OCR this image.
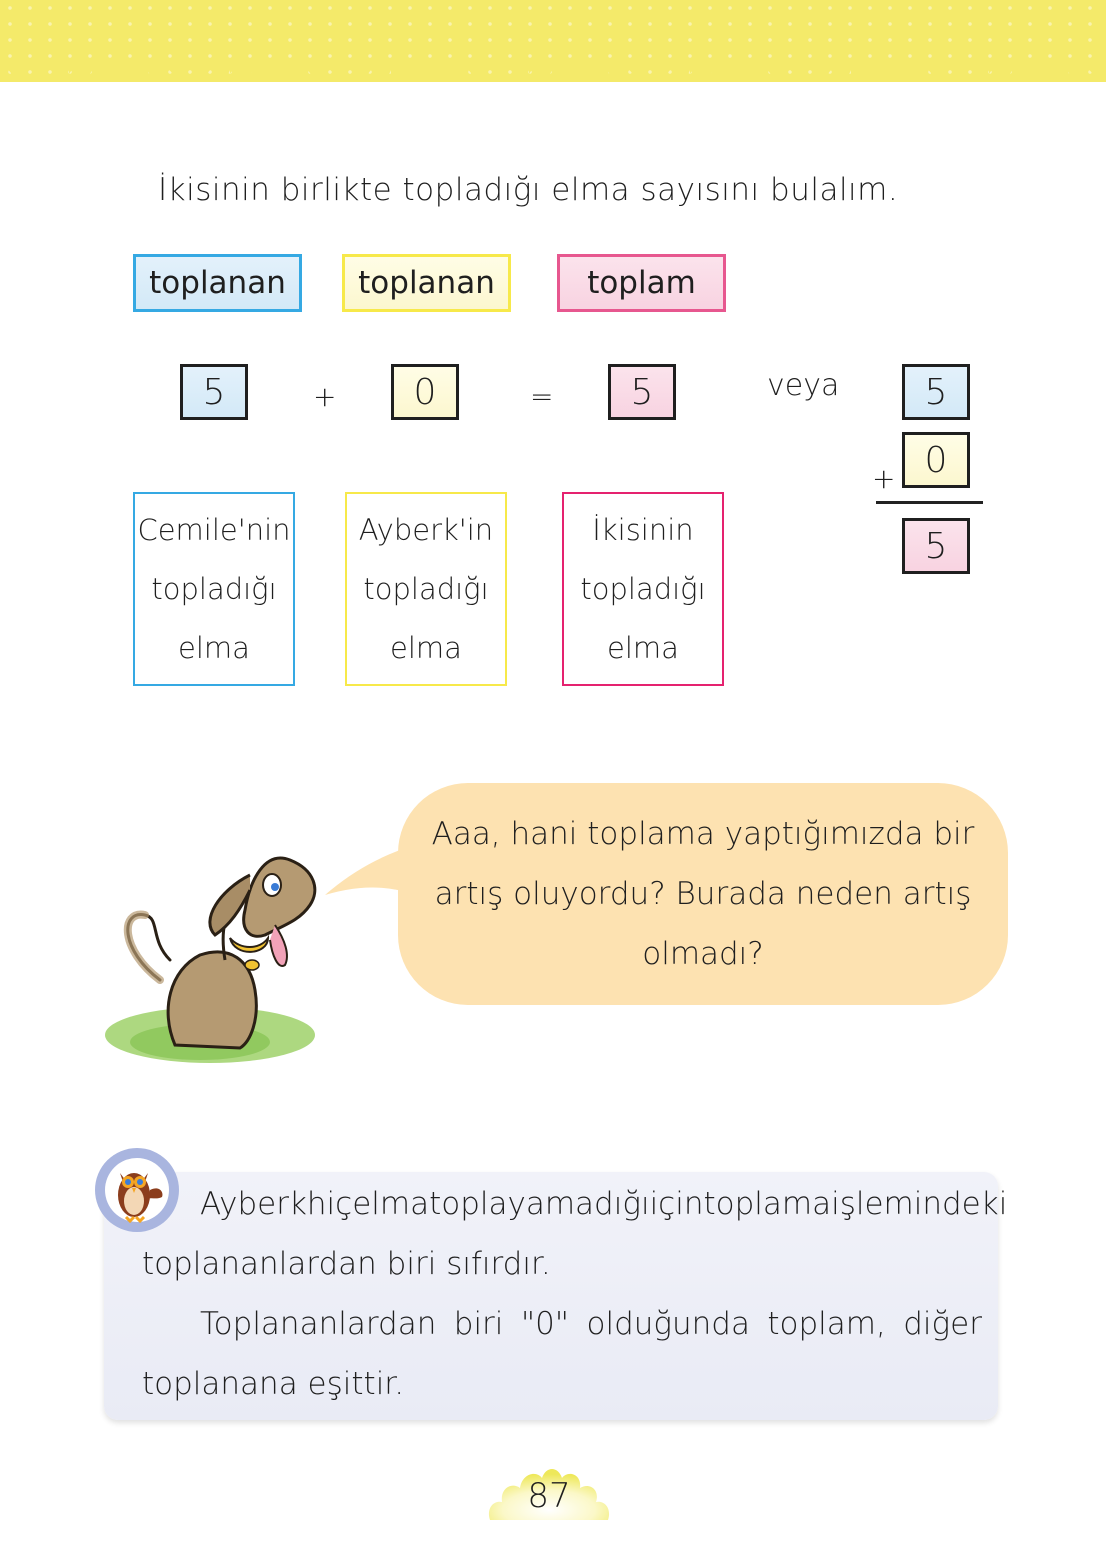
İkisinin birlikte topladığı elma sayısını bulalım.
toplanan	toplanan	toplam
5	+	0	=	5	veya	5
0
+
5
Cemile'nin
topladığı
elma
Ayberk'in
topladığı
elma
İkisinin
topladığı
elma
Aaa, hani toplama yaptığımızda bir
artış oluyordu? Burada neden artış
olmadı?
Ayberk hiç elma toplayamadığı için toplama işlemindeki
toplananlardan biri sıfırdır.
Toplananlardan biri "0" olduğunda toplam, diğer
toplanana eşittir.
87
